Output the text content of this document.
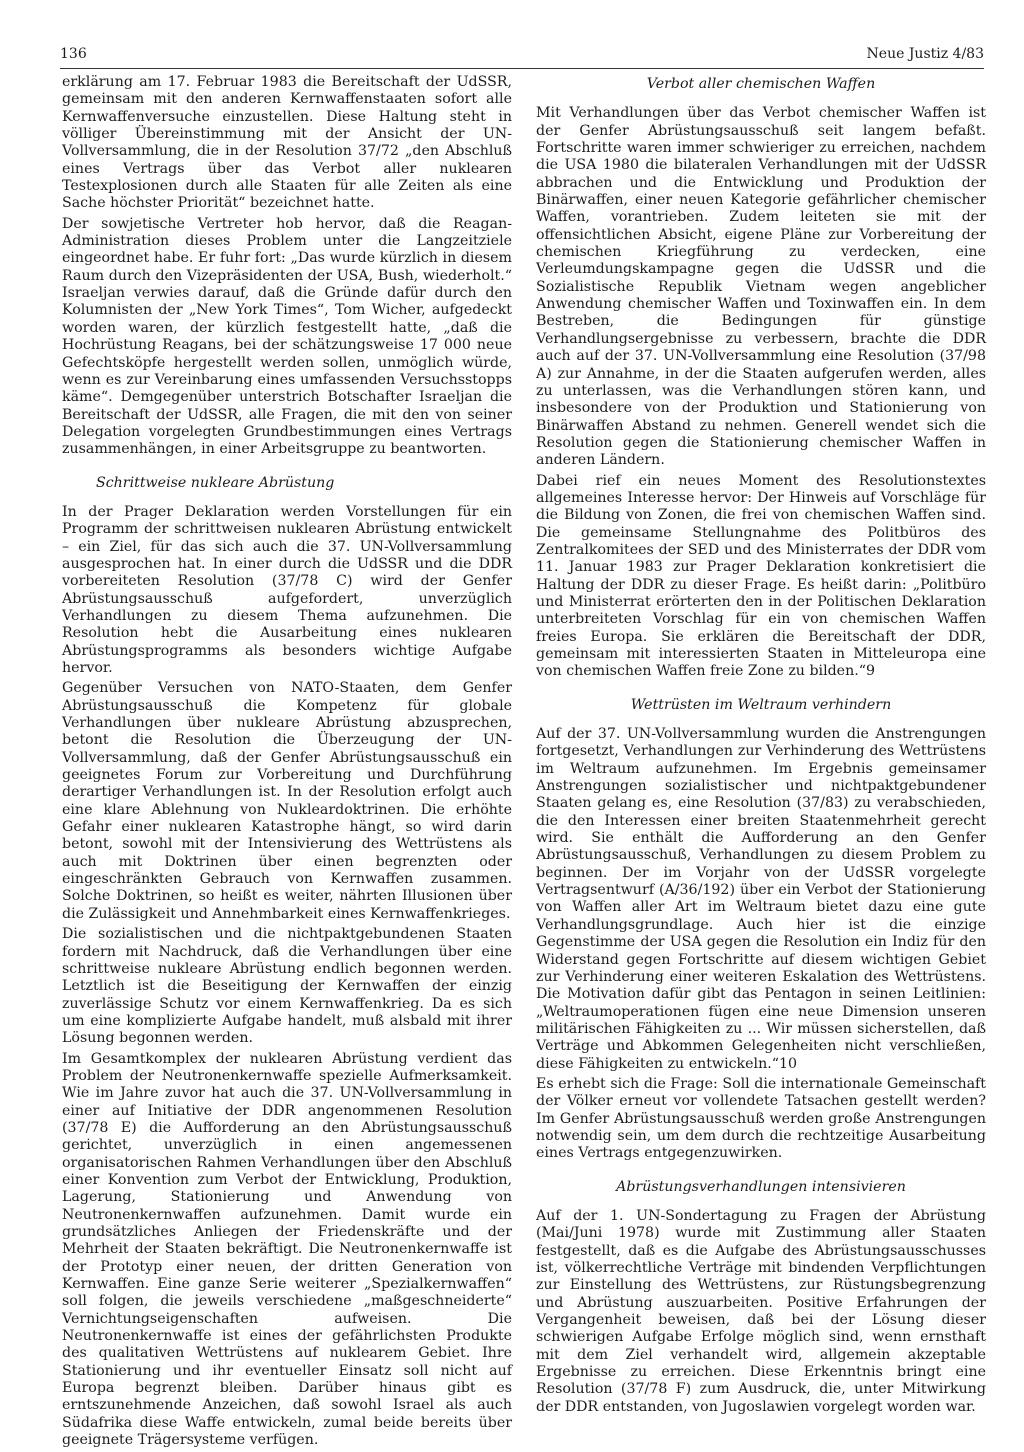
136	Neue Justiz 4/83

erklärung am 17. Februar 1983 die Bereitschaft der UdSSR, gemeinsam mit den anderen Kernwaffenstaaten sofort alle Kernwaffenversuche einzustellen. Diese Haltung steht in völliger Übereinstimmung mit der Ansicht der UN-Vollversammlung, die in der Resolution 37/72 „den Abschluß eines Vertrags über das Verbot aller nuklearen Testexplosionen durch alle Staaten für alle Zeiten als eine Sache höchster Priorität“ bezeichnet hatte.

Der sowjetische Vertreter hob hervor, daß die Reagan-Administration dieses Problem unter die Langzeitziele eingeordnet habe. Er fuhr fort: „Das wurde kürzlich in diesem Raum durch den Vizepräsidenten der USA, Bush, wiederholt.“ Israeljan verwies darauf, daß die Gründe dafür durch den Kolumnisten der „New York Times“, Tom Wicher, aufgedeckt worden waren, der kürzlich festgestellt hatte, „daß die Hochrüstung Reagans, bei der schätzungsweise 17 000 neue Gefechtsköpfe hergestellt werden sollen, unmöglich würde, wenn es zur Vereinbarung eines umfassenden Versuchsstopps käme“. Demgegenüber unterstrich Botschafter Israeljan die Bereitschaft der UdSSR, alle Fragen, die mit den von seiner Delegation vorgelegten Grundbestimmungen eines Vertrags zusammenhängen, in einer Arbeitsgruppe zu beantworten.

Schrittweise nukleare Abrüstung

In der Prager Deklaration werden Vorstellungen für ein Programm der schrittweisen nuklearen Abrüstung entwickelt – ein Ziel, für das sich auch die 37. UN-Vollversammlung ausgesprochen hat. In einer durch die UdSSR und die DDR vorbereiteten Resolution (37/78 C) wird der Genfer Abrüstungsausschuß aufgefordert, unverzüglich Verhandlungen zu diesem Thema aufzunehmen. Die Resolution hebt die Ausarbeitung eines nuklearen Abrüstungsprogramms als besonders wichtige Aufgabe hervor.

Gegenüber Versuchen von NATO-Staaten, dem Genfer Abrüstungsausschuß die Kompetenz für globale Verhandlungen über nukleare Abrüstung abzusprechen, betont die Resolution die Überzeugung der UN-Vollversammlung, daß der Genfer Abrüstungsausschuß ein geeignetes Forum zur Vorbereitung und Durchführung derartiger Verhandlungen ist. In der Resolution erfolgt auch eine klare Ablehnung von Nukleardoktrinen. Die erhöhte Gefahr einer nuklearen Katastrophe hängt, so wird darin betont, sowohl mit der Intensivierung des Wettrüstens als auch mit Doktrinen über einen begrenzten oder eingeschränkten Gebrauch von Kernwaffen zusammen. Solche Doktrinen, so heißt es weiter, nährten Illusionen über die Zulässigkeit und Annehmbarkeit eines Kernwaffenkrieges.

Die sozialistischen und die nichtpaktgebundenen Staaten fordern mit Nachdruck, daß die Verhandlungen über eine schrittweise nukleare Abrüstung endlich begonnen werden. Letztlich ist die Beseitigung der Kernwaffen der einzig zuverlässige Schutz vor einem Kernwaffenkrieg. Da es sich um eine komplizierte Aufgabe handelt, muß alsbald mit ihrer Lösung begonnen werden.

Im Gesamtkomplex der nuklearen Abrüstung verdient das Problem der Neutronenkernwaffe spezielle Aufmerksamkeit. Wie im Jahre zuvor hat auch die 37. UN-Vollversammlung in einer auf Initiative der DDR angenommenen Resolution (37/78 E) die Aufforderung an den Abrüstungsausschuß gerichtet, unverzüglich in einen angemessenen organisatorischen Rahmen Verhandlungen über den Abschluß einer Konvention zum Verbot der Entwicklung, Produktion, Lagerung, Stationierung und Anwendung von Neutronenkernwaffen aufzunehmen. Damit wurde ein grundsätzliches Anliegen der Friedenskräfte und der Mehrheit der Staaten bekräftigt. Die Neutronenkernwaffe ist der Prototyp einer neuen, der dritten Generation von Kernwaffen. Eine ganze Serie weiterer „Spezialkernwaffen“ soll folgen, die jeweils verschiedene „maßgeschneiderte“ Vernichtungseigenschaften aufweisen. Die Neutronenkernwaffe ist eines der gefährlichsten Produkte des qualitativen Wettrüstens auf nuklearem Gebiet. Ihre Stationierung und ihr eventueller Einsatz soll nicht auf Europa begrenzt bleiben. Darüber hinaus gibt es erntszunehmende Anzeichen, daß sowohl Israel als auch Südafrika diese Waffe entwickeln, zumal beide bereits über geeignete Trägersysteme verfügen.

Verbot aller chemischen Waffen

Mit Verhandlungen über das Verbot chemischer Waffen ist der Genfer Abrüstungsausschuß seit langem befaßt. Fortschritte waren immer schwieriger zu erreichen, nachdem die USA 1980 die bilateralen Verhandlungen mit der UdSSR abbrachen und die Entwicklung und Produktion der Binärwaffen, einer neuen Kategorie gefährlicher chemischer Waffen, vorantrieben. Zudem leiteten sie mit der offensichtlichen Absicht, eigene Pläne zur Vorbereitung der chemischen Kriegführung zu verdecken, eine Verleumdungskampagne gegen die UdSSR und die Sozialistische Republik Vietnam wegen angeblicher Anwendung chemischer Waffen und Toxinwaffen ein. In dem Bestreben, die Bedingungen für günstige Verhandlungsergebnisse zu verbessern, brachte die DDR auch auf der 37. UN-Vollversammlung eine Resolution (37/98 A) zur Annahme, in der die Staaten aufgerufen werden, alles zu unterlassen, was die Verhandlungen stören kann, und insbesondere von der Produktion und Stationierung von Binärwaffen Abstand zu nehmen. Generell wendet sich die Resolution gegen die Stationierung chemischer Waffen in anderen Ländern.

Dabei rief ein neues Moment des Resolutionstextes allgemeines Interesse hervor: Der Hinweis auf Vorschläge für die Bildung von Zonen, die frei von chemischen Waffen sind. Die gemeinsame Stellungnahme des Politbüros des Zentralkomitees der SED und des Ministerrates der DDR vom 11. Januar 1983 zur Prager Deklaration konkretisiert die Haltung der DDR zu dieser Frage. Es heißt darin: „Politbüro und Ministerrat erörterten den in der Politischen Deklaration unterbreiteten Vorschlag für ein von chemischen Waffen freies Europa. Sie erklären die Bereitschaft der DDR, gemeinsam mit interessierten Staaten in Mitteleuropa eine von chemischen Waffen freie Zone zu bilden.“9

Wettrüsten im Weltraum verhindern

Auf der 37. UN-Vollversammlung wurden die Anstrengungen fortgesetzt, Verhandlungen zur Verhinderung des Wettrüstens im Weltraum aufzunehmen. Im Ergebnis gemeinsamer Anstrengungen sozialistischer und nichtpaktgebundener Staaten gelang es, eine Resolution (37/83) zu verabschieden, die den Interessen einer breiten Staatenmehrheit gerecht wird. Sie enthält die Aufforderung an den Genfer Abrüstungsausschuß, Verhandlungen zu diesem Problem zu beginnen. Der im Vorjahr von der UdSSR vorgelegte Vertragsentwurf (A/36/192) über ein Verbot der Stationierung von Waffen aller Art im Weltraum bietet dazu eine gute Verhandlungsgrundlage. Auch hier ist die einzige Gegenstimme der USA gegen die Resolution ein Indiz für den Widerstand gegen Fortschritte auf diesem wichtigen Gebiet zur Verhinderung einer weiteren Eskalation des Wettrüstens. Die Motivation dafür gibt das Pentagon in seinen Leitlinien: „Weltraumoperationen fügen eine neue Dimension unseren militärischen Fähigkeiten zu ... Wir müssen sicherstellen, daß Verträge und Abkommen Gelegenheiten nicht verschließen, diese Fähigkeiten zu entwickeln.“10

Es erhebt sich die Frage: Soll die internationale Gemeinschaft der Völker erneut vor vollendete Tatsachen gestellt werden? Im Genfer Abrüstungsausschuß werden große Anstrengungen notwendig sein, um dem durch die rechtzeitige Ausarbeitung eines Vertrags entgegenzuwirken.

Abrüstungsverhandlungen intensivieren

Auf der 1. UN-Sondertagung zu Fragen der Abrüstung (Mai/Juni 1978) wurde mit Zustimmung aller Staaten festgestellt, daß es die Aufgabe des Abrüstungsausschusses ist, völkerrechtliche Verträge mit bindenden Verpflichtungen zur Einstellung des Wettrüstens, zur Rüstungsbegrenzung und Abrüstung auszuarbeiten. Positive Erfahrungen der Vergangenheit beweisen, daß bei der Lösung dieser schwierigen Aufgabe Erfolge möglich sind, wenn ernsthaft mit dem Ziel verhandelt wird, allgemein akzeptable Ergebnisse zu erreichen. Diese Erkenntnis bringt eine Resolution (37/78 F) zum Ausdruck, die, unter Mitwirkung der DDR entstanden, von Jugoslawien vorgelegt worden war.
